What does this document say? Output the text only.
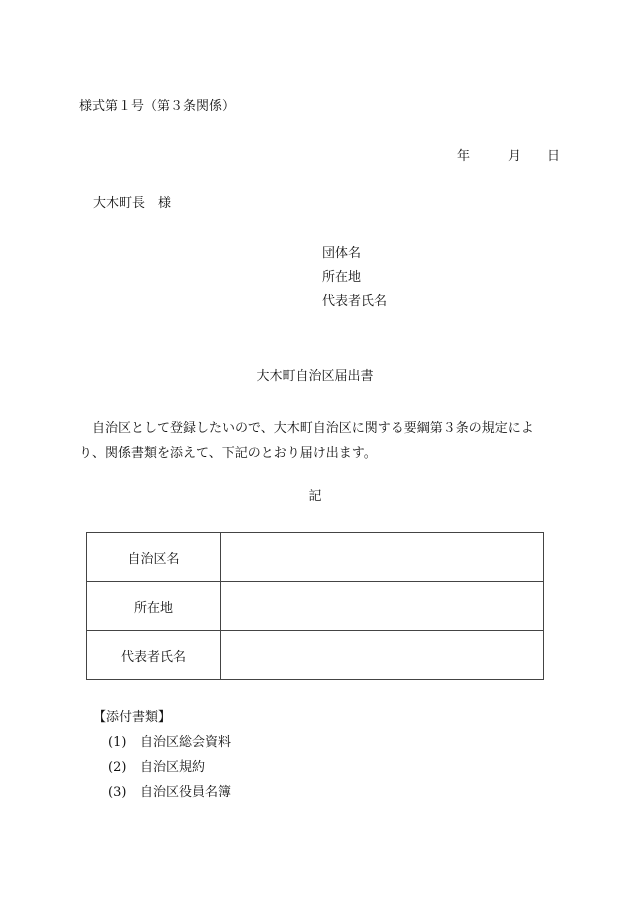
様式第１号（第３条関係）
年	月 日
大木町長　様
団体名
所在地
代表者氏名
大木町自治区届出書
自治区として登録したいので、大木町自治区に関する要綱第３条の規定により、関係書類を添えて、下記のとおり届け出ます。
記
自治区名	
所在地	
代表者氏名	
【添付書類】
(1) 自治区総会資料
(2) 自治区規約
(3) 自治区役員名簿
